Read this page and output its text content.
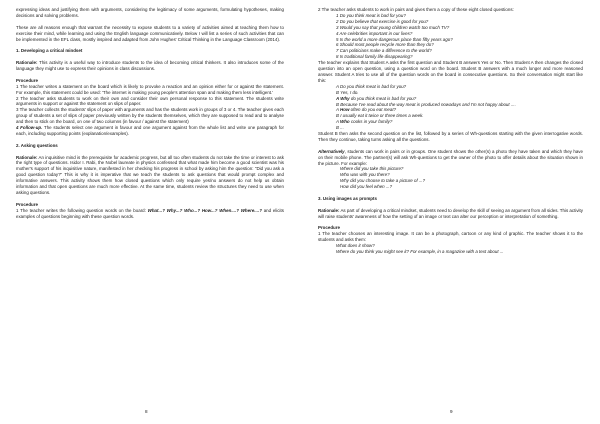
expressing ideas and justifying them with arguments, considering the legitimacy of some arguments, formulating hypotheses, making decisions and solving problems.

These are all reasons enough that warrant the necessity to expose students to a variety of activities aimed at teaching them how to exercise their mind, while learning and using the English language communicatively. Below I will list a series of such activities that can be implemented in the EFL class, mostly inspired and adapted from John Hughes' Critical Thinking in the Language Classroom (2014).

1. Developing a critical mindset

Rationale: This activity is a useful way to introduce students to the idea of becoming critical thinkers. It also introduces some of the language they might use to express their opinions in class discussions.

Procedure

1 The teacher writes a statement on the board which is likely to provoke a reaction and an opinion either for or against the statement. For example, this statement could be used: 'The internet is making young people's attention span and making them less intelligent.'

2 The teacher asks students to work on their own and consider their own personal response to this statement. The students write arguments in support or against the statement on slips of paper.

3 The teacher collects the students' slips of paper with arguments and has the students work in groups of 3 or 4. The teacher gives each group of students a set of slips of paper previously written by the students themselves, which they are supposed to read and to analyse and then to stick on the board, on one of two columns (in favour / against the statement)

4 Follow-up. The students select one argument in favour and one argument against from the whole list and write one paragraph for each, including supporting points (explanation/examples).

2. Asking questions

Rationale: An inquisitive mind is the prerequisite for academic progress, but all too often students do not take the time or interest to ask the right type of questions. Isidor I. Rabi, the Nobel laureate in physics confessed that what made him become a good scientist was his mother's support of his inquisitive nature, manifested in her checking his progress in school by asking him the question: "Did you ask a good question today?" This is why it is imperative that we teach the students to ask questions that would prompt complex and informative answers. This activity shows them how closed questions which only require yes/no answers do not help us obtain information and that open questions are much more effective. At the same time, students review the structures they need to use when asking questions.

Procedure

1 The teacher writes the following question words on the board: What...? Why...? Who...? How...? When....? Where....? and elicits examples of questions beginning with these question words.

8

2 The teacher asks students to work in pairs and gives them a copy of these eight closed questions:

1 Do you think meat is bad for you?

2 Do you believe that exercise is good for you?

3 Would you say that young children watch too much TV?

4 Are celebrities important in our lives?

5 Is the world a more dangerous place than fifty years ago?

6 Should most people recycle more than they do?

7 Can politicians make a difference to the world?

8 Is traditional family life disappearing?

The teacher explains that Student A asks the first question and Student B answers Yes or No. Then Student A then changes the closed question into an open question, using a question word on the board. Student B answers with a much longer and more reasoned answer. Student A tries to use all of the question words on the board in consecutive questions. So their conversation might start like this:

A Do you think meat is bad for you?

B Yes, I do.

A Why do you think meat is bad for you?

B Because I've read about the way meat is produced nowadays and I'm not happy about ....

A How often do you eat meat?

B I usually eat it twice or three times a week.

A Who cooks in your family?

B ...

Student B then asks the second question on the list, followed by a series of Wh-questions starting with the given interrogative words. Then they continue, taking turns asking all the questions.

Alternatively, students can work in pairs or in groups. One student shows the other(s) a photo they have taken and which they have on their mobile phone. The partner(s) will ask Wh-questions to get the owner of the photo to offer details about the situation shown in the picture. For example:

Where did you take this picture?

Who was with you there?

Why did you choose to take a picture of ...?

How did you feel when ...?

3. Using images as prompts

Rationale: As part of developing a critical mindset, students need to develop the skill of seeing an argument from all sides. This activity will raise students' awareness of how the setting of an image or text can alter our perception or interpretation of something.

Procedure

1 The teacher chooses an interesting image. It can be a photograph, cartoon or any kind of graphic. The teacher shows it to the students and asks them:

What does it show?

Where do you think you might see it? For example, in a magazine with a text about ...

9
